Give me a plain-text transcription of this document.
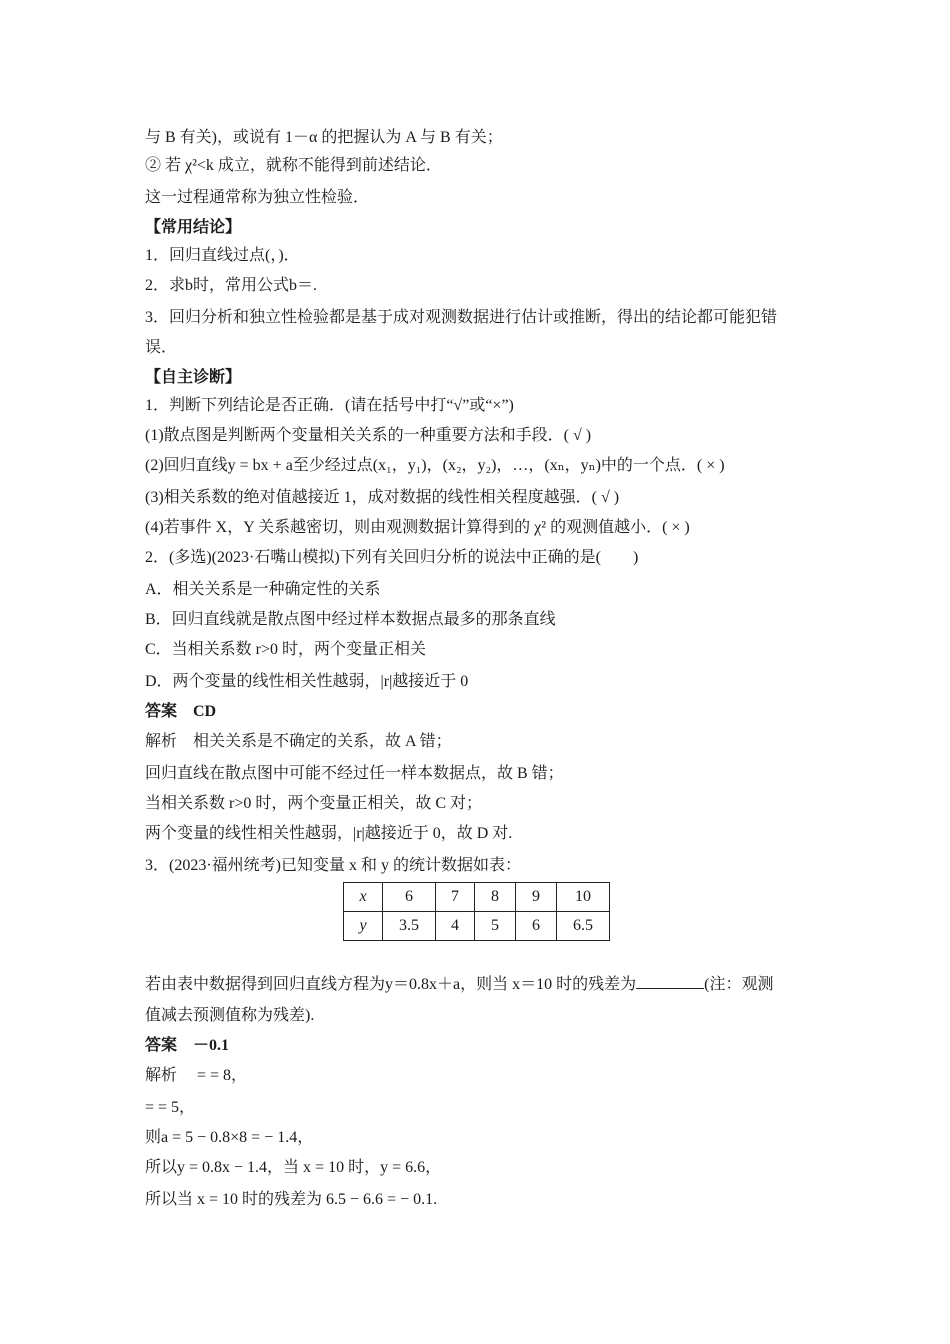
与 B 有关)，或说有 1－α 的把握认为 A 与 B 有关；
② 若 χ²<k 成立，就称不能得到前述结论．
这一过程通常称为独立性检验．
【常用结论】
1．回归直线过点(，)．
2．求b时，常用公式b＝.
3．回归分析和独立性检验都是基于成对观测数据进行估计或推断，得出的结论都可能犯错
误．
【自主诊断】
1．判断下列结论是否正确．(请在括号中打“√”或“×”)
(1)散点图是判断两个变量相关关系的一种重要方法和手段．( √ )
(2)回归直线y = bx + a至少经过点(x₁，y₁)，(x₂，y₂)，…，(xₙ，yₙ)中的一个点．( × )
(3)相关系数的绝对值越接近 1，成对数据的线性相关程度越强．( √ )
(4)若事件 X，Y 关系越密切，则由观测数据计算得到的 χ² 的观测值越小．( × )
2．(多选)(2023·石嘴山模拟)下列有关回归分析的说法中正确的是(　　)
A．相关关系是一种确定性的关系
B．回归直线就是散点图中经过样本数据点最多的那条直线
C．当相关系数 r>0 时，两个变量正相关
D．两个变量的线性相关性越弱，|r|越接近于 0
答案　CD
解析　相关关系是不确定的关系，故 A 错；
回归直线在散点图中可能不经过任一样本数据点，故 B 错；
当相关系数 r>0 时，两个变量正相关，故 C 对；
两个变量的线性相关性越弱，|r|越接近于 0，故 D 对.
3．(2023·福州统考)已知变量 x 和 y 的统计数据如表：
x	6	7	8	9	10
y	3.5	4	5	6	6.5
若由表中数据得到回归直线方程为y＝0.8x＋a，则当 x＝10 时的残差为	(注：观测
值减去预测值称为残差).
答案　－0.1
解析　 = = 8，
= = 5，
则a = 5 − 0.8×8 = − 1.4，
所以y = 0.8x − 1.4，当 x = 10 时，y = 6.6，
所以当 x = 10 时的残差为 6.5 − 6.6 = − 0.1.
